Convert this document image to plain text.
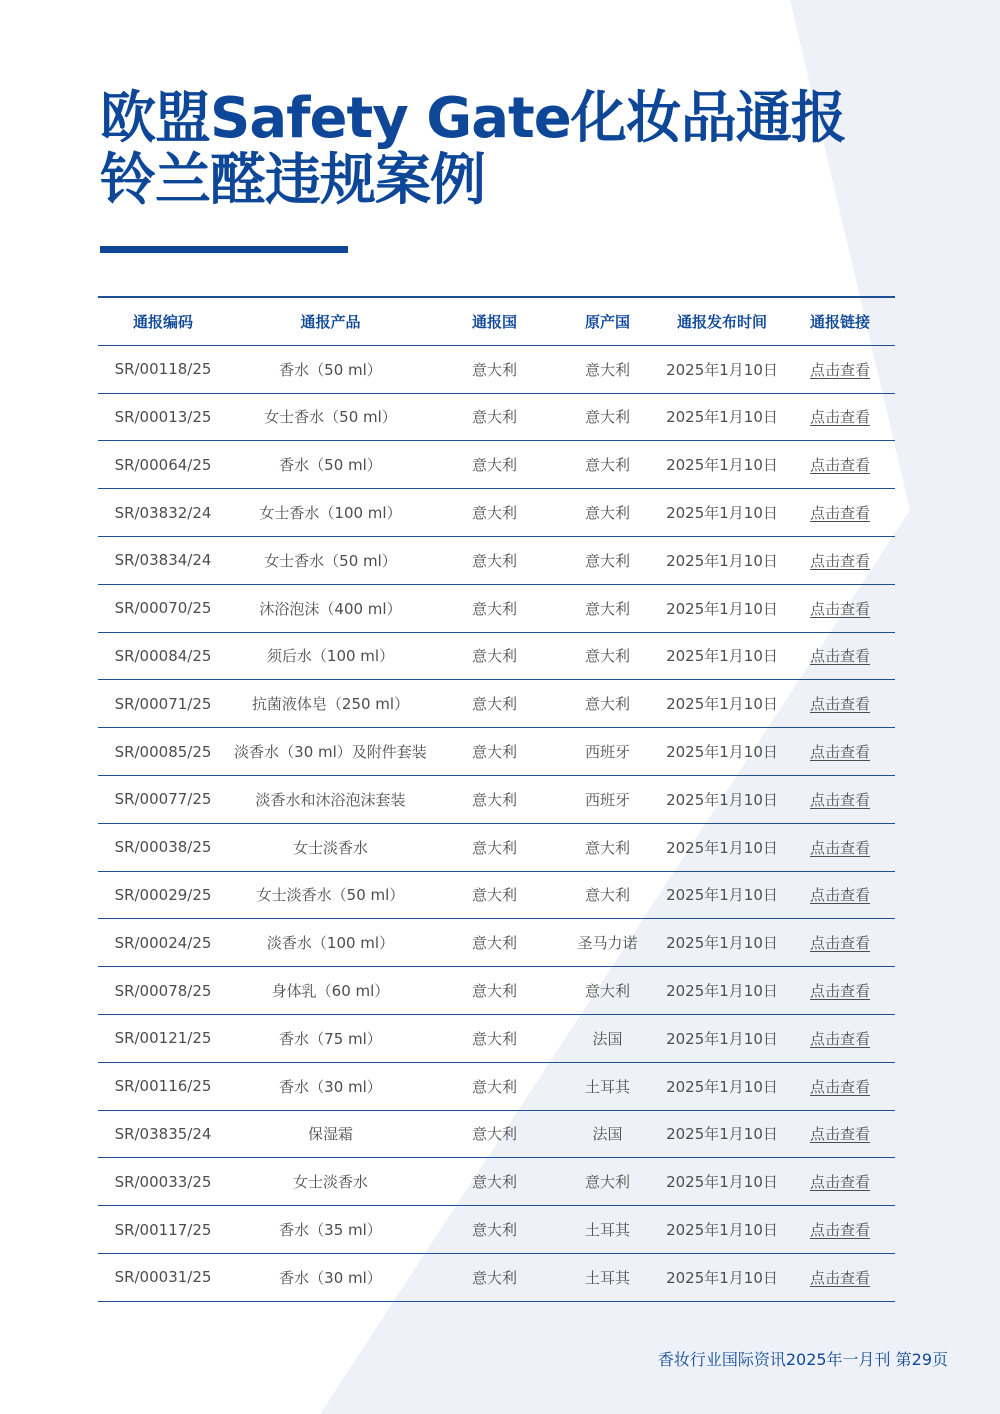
欧盟Safety Gate化妆品通报
铃兰醛违规案例
通报编码	通报产品	通报国	原产国	通报发布时间	通报链接
SR/00118/25	香水（50 ml）	意大利	意大利	2025年1月10日	点击查看
SR/00013/25	女士香水（50 ml）	意大利	意大利	2025年1月10日	点击查看
SR/00064/25	香水（50 ml）	意大利	意大利	2025年1月10日	点击查看
SR/03832/24	女士香水（100 ml）	意大利	意大利	2025年1月10日	点击查看
SR/03834/24	女士香水（50 ml）	意大利	意大利	2025年1月10日	点击查看
SR/00070/25	沐浴泡沫（400 ml）	意大利	意大利	2025年1月10日	点击查看
SR/00084/25	须后水（100 ml）	意大利	意大利	2025年1月10日	点击查看
SR/00071/25	抗菌液体皂（250 ml）	意大利	意大利	2025年1月10日	点击查看
SR/00085/25	淡香水（30 ml）及附件套装	意大利	西班牙	2025年1月10日	点击查看
SR/00077/25	淡香水和沐浴泡沫套装	意大利	西班牙	2025年1月10日	点击查看
SR/00038/25	女士淡香水	意大利	意大利	2025年1月10日	点击查看
SR/00029/25	女士淡香水（50 ml）	意大利	意大利	2025年1月10日	点击查看
SR/00024/25	淡香水（100 ml）	意大利	圣马力诺	2025年1月10日	点击查看
SR/00078/25	身体乳（60 ml）	意大利	意大利	2025年1月10日	点击查看
SR/00121/25	香水（75 ml）	意大利	法国	2025年1月10日	点击查看
SR/00116/25	香水（30 ml）	意大利	土耳其	2025年1月10日	点击查看
SR/03835/24	保湿霜	意大利	法国	2025年1月10日	点击查看
SR/00033/25	女士淡香水	意大利	意大利	2025年1月10日	点击查看
SR/00117/25	香水（35 ml）	意大利	土耳其	2025年1月10日	点击查看
SR/00031/25	香水（30 ml）	意大利	土耳其	2025年1月10日	点击查看
香妆行业国际资讯2025年一月刊 第29页
